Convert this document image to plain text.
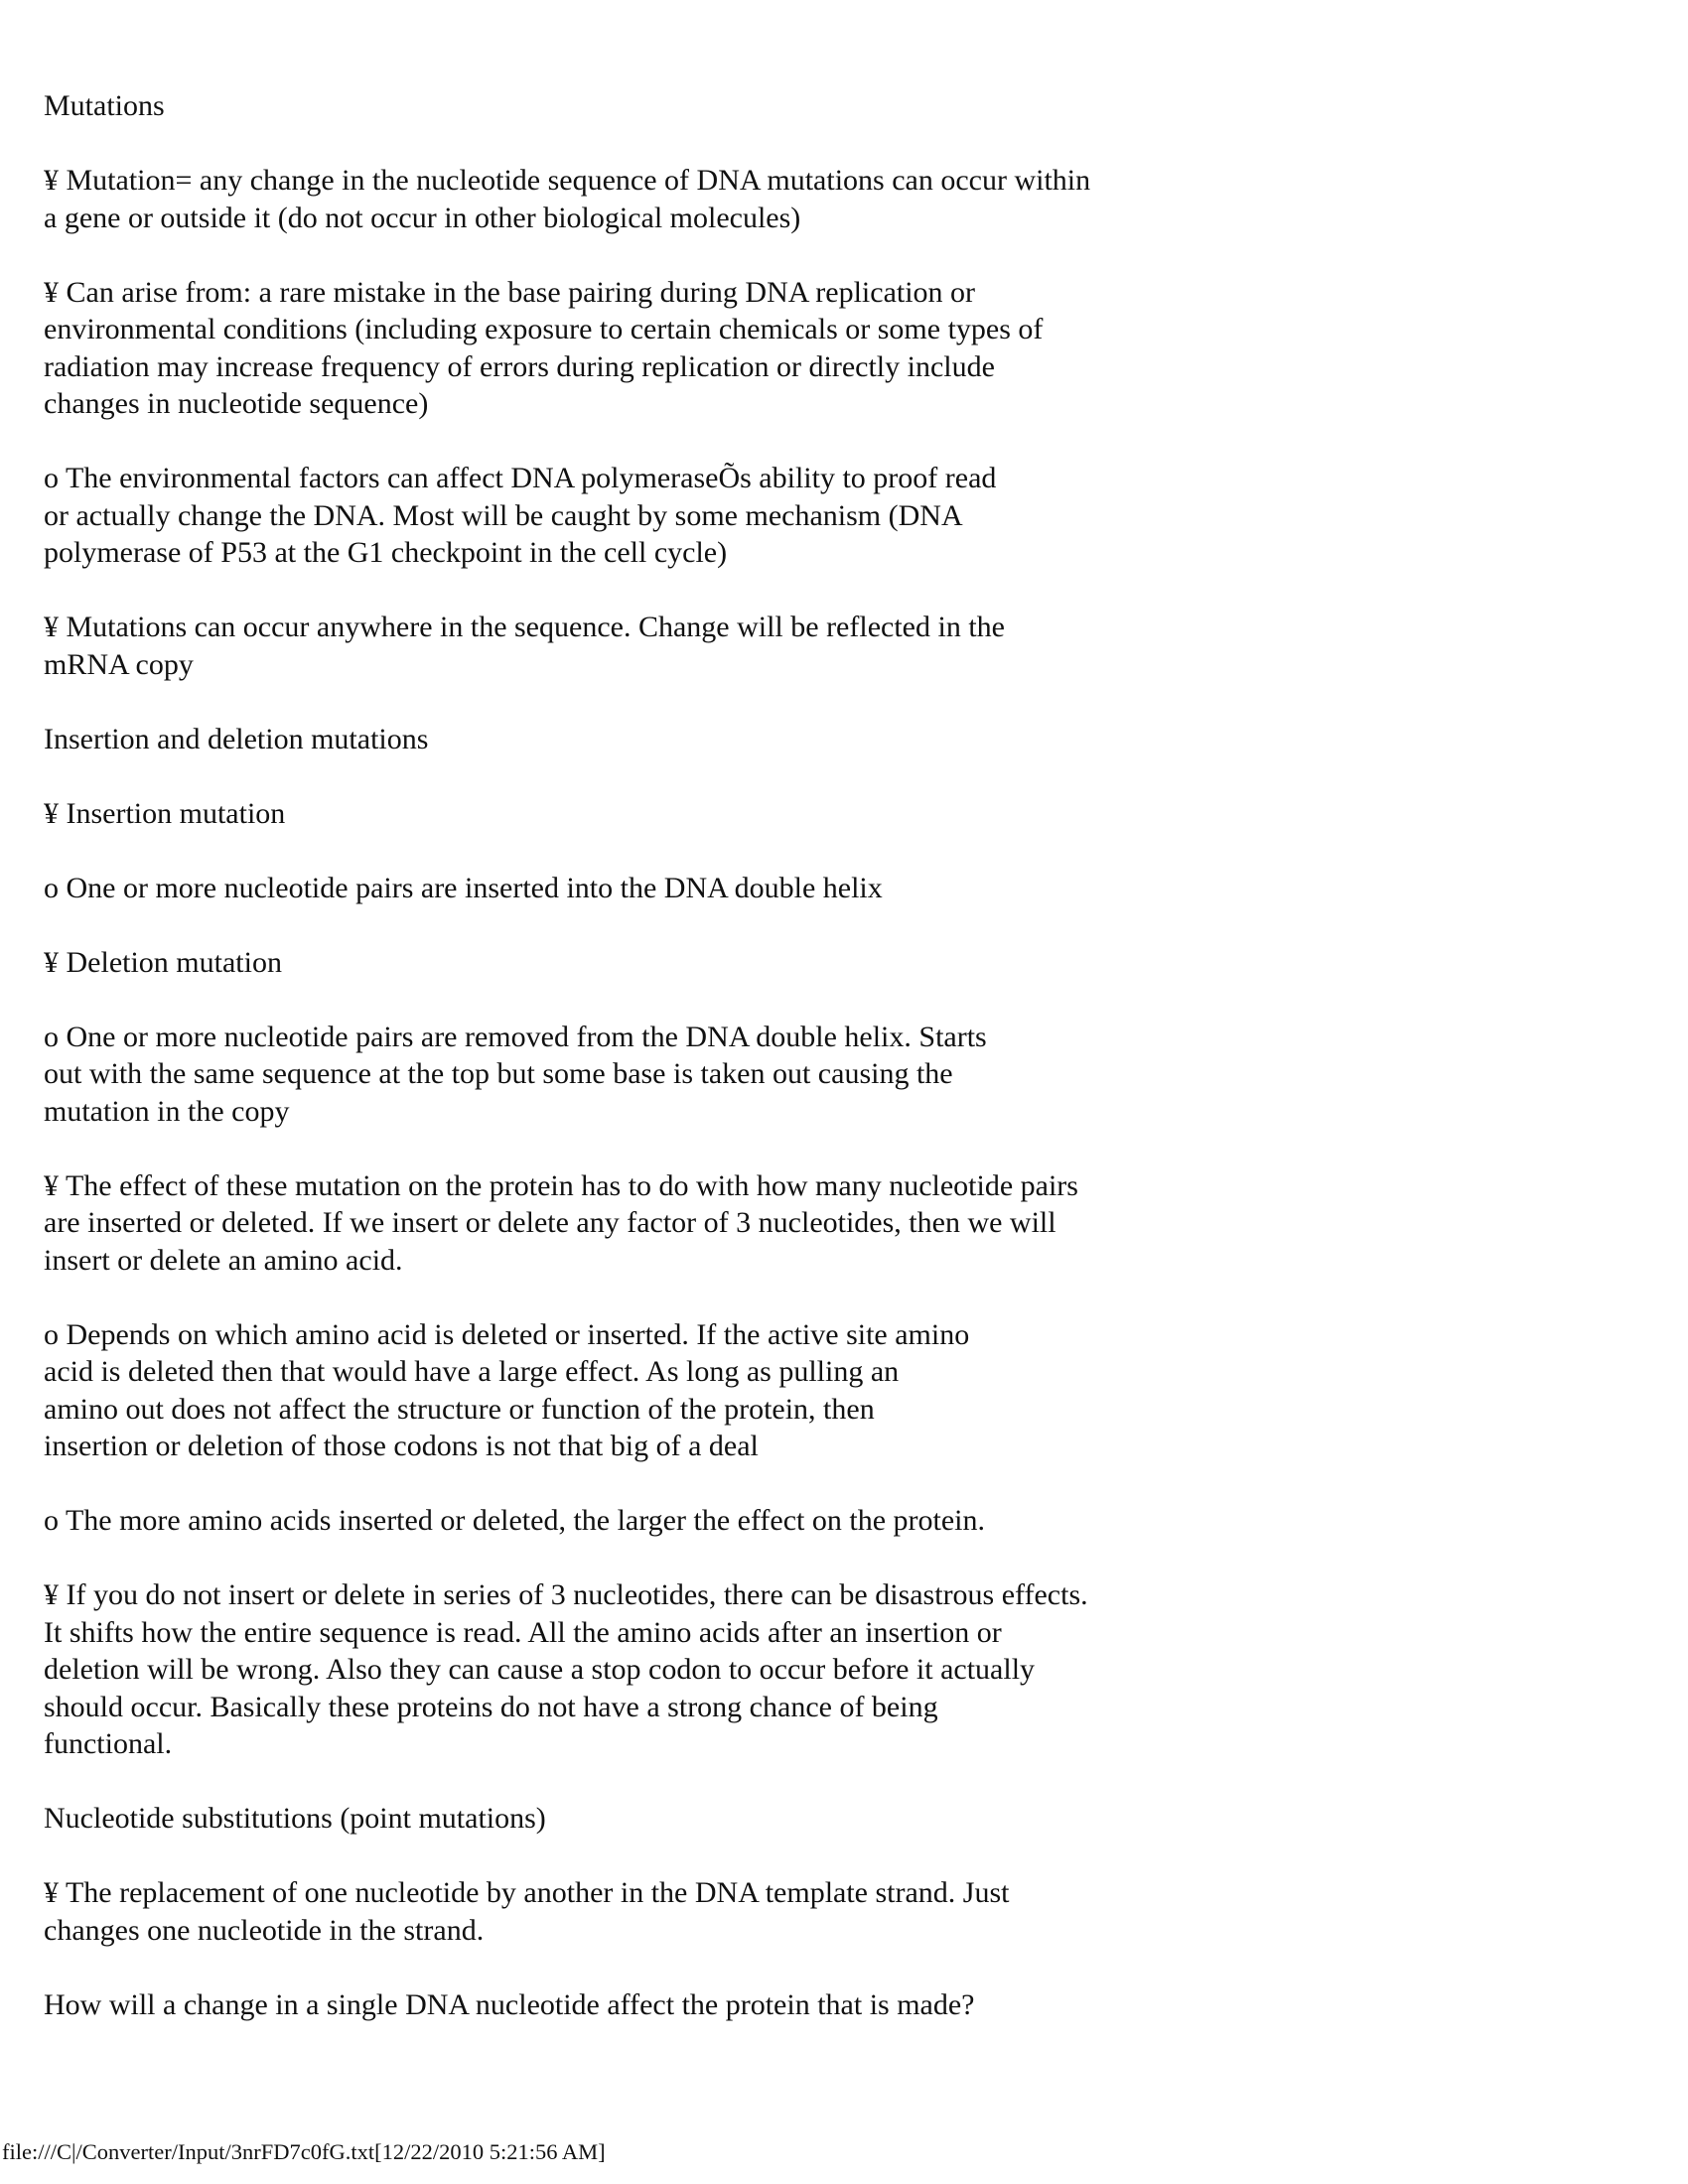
Mutations

¥ Mutation= any change in the nucleotide sequence of DNA mutations can occur within
a gene or outside it (do not occur in other biological molecules)

¥ Can arise from: a rare mistake in the base pairing during DNA replication or
environmental conditions (including exposure to certain chemicals or some types of
radiation may increase frequency of errors during replication or directly include
changes in nucleotide sequence)

o The environmental factors can affect DNA polymeraseÕs ability to proof read
or actually change the DNA. Most will be caught by some mechanism (DNA
polymerase of P53 at the G1 checkpoint in the cell cycle)

¥ Mutations can occur anywhere in the sequence. Change will be reflected in the
mRNA copy

Insertion and deletion mutations

¥ Insertion mutation

o One or more nucleotide pairs are inserted into the DNA double helix

¥ Deletion mutation

o One or more nucleotide pairs are removed from the DNA double helix. Starts
out with the same sequence at the top but some base is taken out causing the
mutation in the copy

¥ The effect of these mutation on the protein has to do with how many nucleotide pairs
are inserted or deleted. If we insert or delete any factor of 3 nucleotides, then we will
insert or delete an amino acid.

o Depends on which amino acid is deleted or inserted. If the active site amino
acid is deleted then that would have a large effect. As long as pulling an
amino out does not affect the structure or function of the protein, then
insertion or deletion of those codons is not that big of a deal

o The more amino acids inserted or deleted, the larger the effect on the protein.

¥ If you do not insert or delete in series of 3 nucleotides, there can be disastrous effects.
It shifts how the entire sequence is read. All the amino acids after an insertion or
deletion will be wrong. Also they can cause a stop codon to occur before it actually
should occur. Basically these proteins do not have a strong chance of being
functional.

Nucleotide substitutions (point mutations)

¥ The replacement of one nucleotide by another in the DNA template strand. Just
changes one nucleotide in the strand.

How will a change in a single DNA nucleotide affect the protein that is made?

file:///C|/Converter/Input/3nrFD7c0fG.txt[12/22/2010 5:21:56 AM]
